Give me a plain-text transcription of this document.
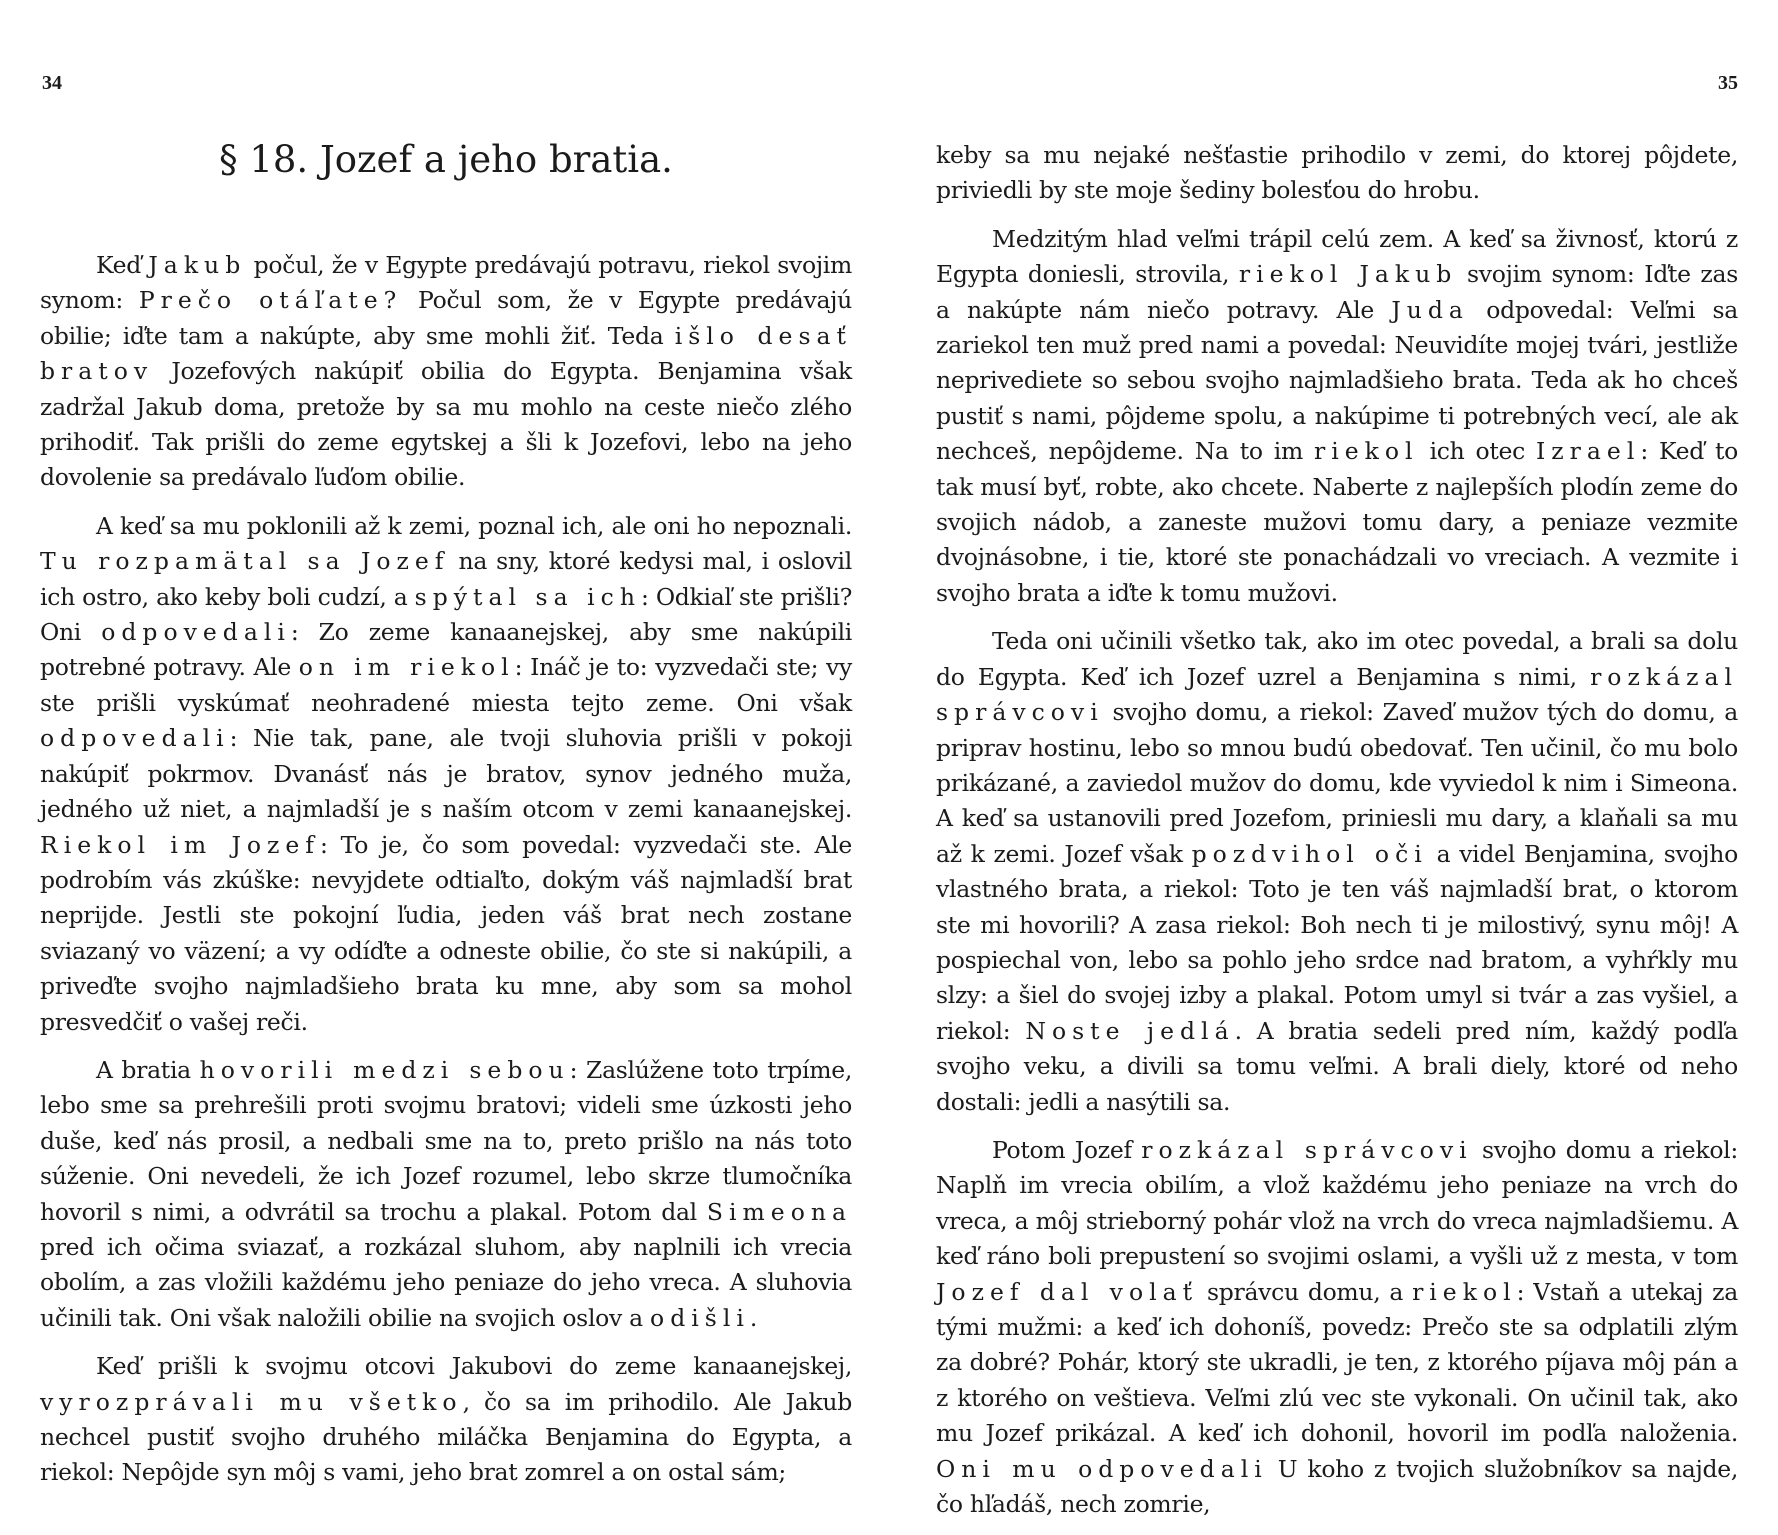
34
§ 18. Jozef a jeho bratia.

Keď Jakub počul, že v Egypte predávajú potravu, riekol svojim synom: Prečo otáľate? Počul som, že v Egypte predávajú obilie; iďte tam a nakúpte, aby sme mohli žiť. Teda išlo desať bratov Jozefových nakúpiť obilia do Egypta. Benjamina však zadržal Jakub doma, pretože by sa mu mohlo na ceste niečo zlého prihodiť. Tak prišli do zeme egytskej a šli k Jozefovi, lebo na jeho dovolenie sa predávalo ľuďom obilie.

A keď sa mu poklonili až k zemi, poznal ich, ale oni ho nepoznali. Tu rozpamätal sa Jozef na sny, ktoré kedysi mal, i oslovil ich ostro, ako keby boli cudzí, a spýtal sa ich: Odkiaľ ste prišli? Oni odpovedali: Zo zeme kanaanejskej, aby sme nakúpili potrebné potravy. Ale on im riekol: Ináč je to: vyzvedači ste; vy ste prišli vyskúmať neohradené miesta tejto zeme. Oni však odpovedali: Nie tak, pane, ale tvoji sluhovia prišli v pokoji nakúpiť pokrmov. Dvanásť nás je bratov, synov jedného muža, jedného už niet, a najmladší je s naším otcom v zemi kanaanejskej. Riekol im Jozef: To je, čo som povedal: vyzvedači ste. Ale podrobím vás zkúške: nevyjdete odtiaľto, dokým váš najmladší brat neprijde. Jestli ste pokojní ľudia, jeden váš brat nech zostane sviazaný vo väzení; a vy odíďte a odneste obilie, čo ste si nakúpili, a priveďte svojho najmladšieho brata ku mne, aby som sa mohol presvedčiť o vašej reči.

A bratia hovorili medzi sebou: Zaslúžene toto trpíme, lebo sme sa prehrešili proti svojmu bratovi; videli sme úzkosti jeho duše, keď nás prosil, a nedbali sme na to, preto prišlo na nás toto súženie. Oni nevedeli, že ich Jozef rozumel, lebo skrze tlumočníka hovoril s nimi, a odvrátil sa trochu a plakal. Potom dal Simeona pred ich očima sviazať, a rozkázal sluhom, aby naplnili ich vrecia obolím, a zas vložili každému jeho peniaze do jeho vreca. A sluhovia učinili tak. Oni však naložili obilie na svojich oslov a odišli.

Keď prišli k svojmu otcovi Jakubovi do zeme kanaanejskej, vyrozprávali mu všetko, čo sa im prihodilo. Ale Jakub nechcel pustiť svojho druhého miláčka Benjamina do Egypta, a riekol: Nepôjde syn môj s vami, jeho brat zomrel a on ostal sám;

35

keby sa mu nejaké nešťastie prihodilo v zemi, do ktorej pôjdete, priviedli by ste moje šediny bolesťou do hrobu.

Medzitým hlad veľmi trápil celú zem. A keď sa živnosť, ktorú z Egypta doniesli, strovila, riekol Jakub svojim synom: Iďte zas a nakúpte nám niečo potravy. Ale Juda odpovedal: Veľmi sa zariekol ten muž pred nami a povedal: Neuvidíte mojej tvári, jestliže neprivediete so sebou svojho najmladšieho brata. Teda ak ho chceš pustiť s nami, pôjdeme spolu, a nakúpime ti potrebných vecí, ale ak nechceš, nepôjdeme. Na to im riekol ich otec Izrael: Keď to tak musí byť, robte, ako chcete. Naberte z najlepších plodín zeme do svojich nádob, a zaneste mužovi tomu dary, a peniaze vezmite dvojnásobne, i tie, ktoré ste ponachádzali vo vreciach. A vezmite i svojho brata a iďte k tomu mužovi.

Teda oni učinili všetko tak, ako im otec povedal, a brali sa dolu do Egypta. Keď ich Jozef uzrel a Benjamina s nimi, rozkázal správcovi svojho domu, a riekol: Zaveď mužov tých do domu, a priprav hostinu, lebo so mnou budú obedovať. Ten učinil, čo mu bolo prikázané, a zaviedol mužov do domu, kde vyviedol k nim i Simeona. A keď sa ustanovili pred Jozefom, priniesli mu dary, a klaňali sa mu až k zemi. Jozef však pozdvihol oči a videl Benjamina, svojho vlastného brata, a riekol: Toto je ten váš najmladší brat, o ktorom ste mi hovorili? A zasa riekol: Boh nech ti je milostivý, synu môj! A pospiechal von, lebo sa pohlo jeho srdce nad bratom, a vyhŕkly mu slzy: a šiel do svojej izby a plakal. Potom umyl si tvár a zas vyšiel, a riekol: Noste jedlá. A bratia sedeli pred ním, každý podľa svojho veku, a divili sa tomu veľmi. A brali diely, ktoré od neho dostali: jedli a nasýtili sa.

Potom Jozef rozkázal správcovi svojho domu a riekol: Naplň im vrecia obilím, a vlož každému jeho peniaze na vrch do vreca, a môj strieborný pohár vlož na vrch do vreca najmladšiemu. A keď ráno boli prepustení so svojimi oslami, a vyšli už z mesta, v tom Jozef dal volať správcu domu, a riekol: Vstaň a utekaj za tými mužmi: a keď ich dohoníš, povedz: Prečo ste sa odplatili zlým za dobré? Pohár, ktorý ste ukradli, je ten, z ktorého píjava môj pán a z ktorého on veštieva. Veľmi zlú vec ste vykonali. On učinil tak, ako mu Jozef prikázal. A keď ich dohonil, hovoril im podľa naloženia. Oni mu odpovedali U koho z tvojich služobníkov sa najde, čo hľadáš, nech zomrie,
